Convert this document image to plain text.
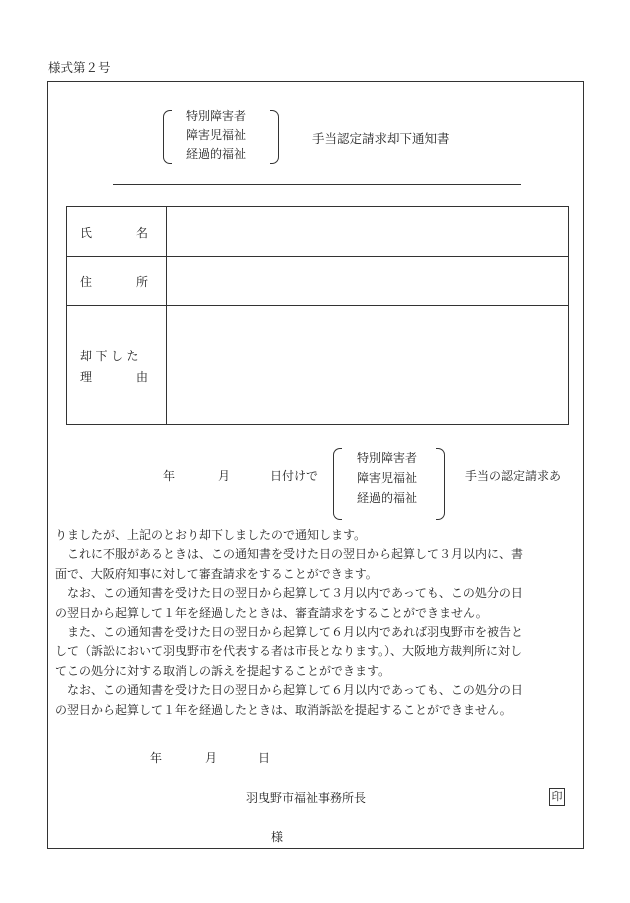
様式第２号
特別障害者
障害児福祉
経過的福祉
手当認定請求却下通知書
氏	名
住	所
却下した
理	由
年	月	日付けで
特別障害者
障害児福祉
経過的福祉
手当の認定請求あ
りましたが、上記のとおり却下しましたので通知します。
　これに不服があるときは、この通知書を受けた日の翌日から起算して３月以内に、書
面で、大阪府知事に対して審査請求をすることができます。
　なお、この通知書を受けた日の翌日から起算して３月以内であっても、この処分の日
の翌日から起算して１年を経過したときは、審査請求をすることができません。
　また、この通知書を受けた日の翌日から起算して６月以内であれば羽曳野市を被告と
して（訴訟において羽曳野市を代表する者は市長となります。）、大阪地方裁判所に対し
てこの処分に対する取消しの訴えを提起することができます。
　なお、この通知書を受けた日の翌日から起算して６月以内であっても、この処分の日
の翌日から起算して１年を経過したときは、取消訴訟を提起することができません。
年	月	日
羽曳野市福祉事務所長	印
様
